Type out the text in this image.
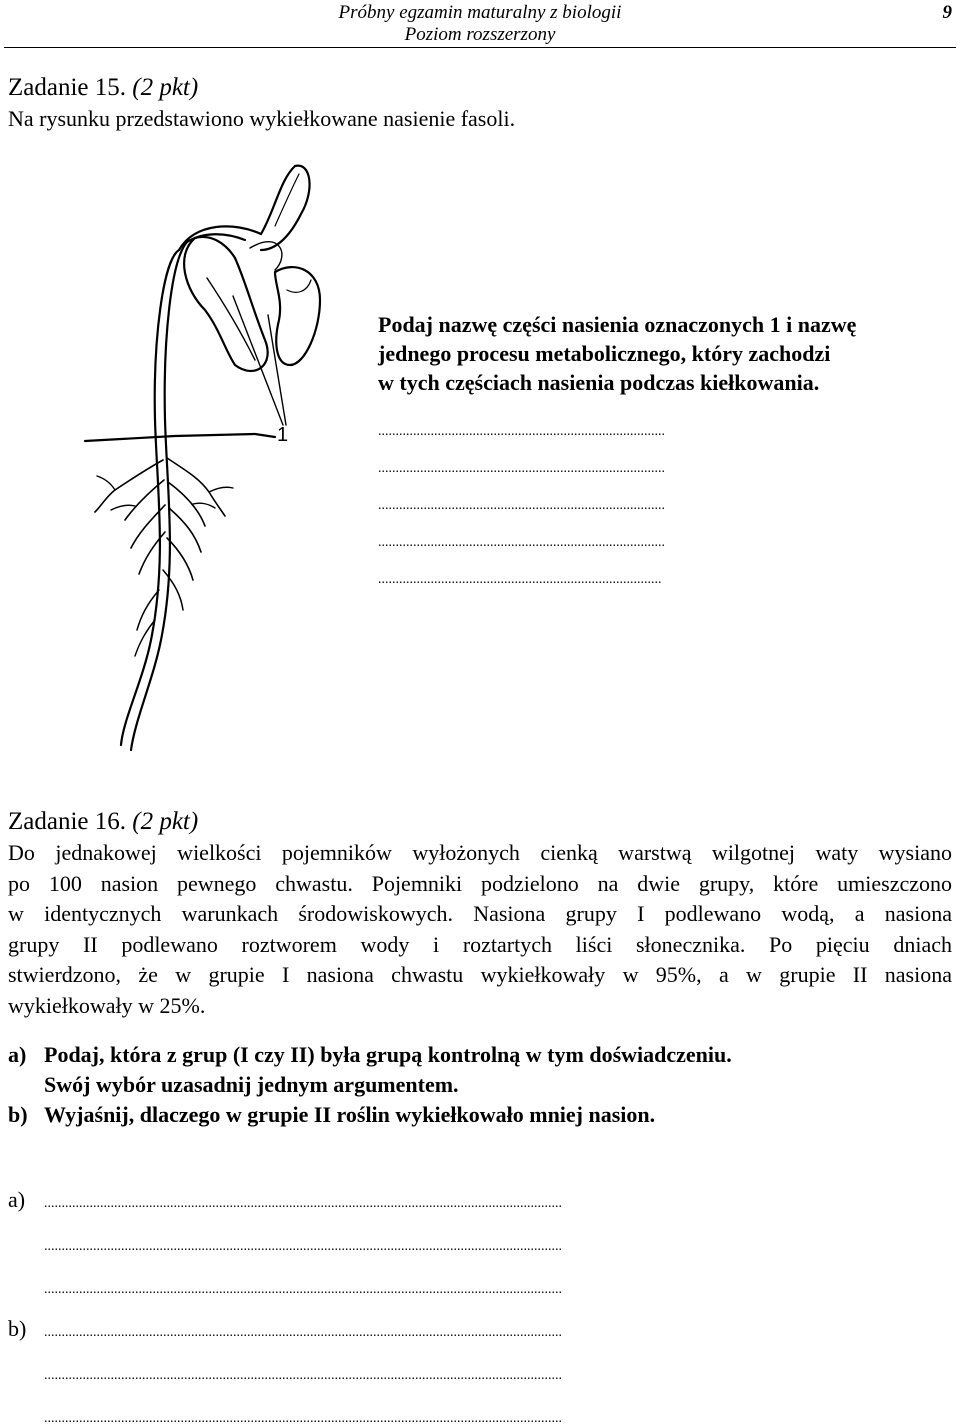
Próbny egzamin maturalny z biologii
Poziom rozszerzony
9
Zadanie 15. (2 pkt)
Na rysunku przedstawiono wykiełkowane nasienie fasoli.
1
Podaj nazwę części nasienia oznaczonych 1 i nazwę
jednego procesu metabolicznego, który zachodzi
w tych częściach nasienia podczas kiełkowania.
..................................................................................
..................................................................................
..................................................................................
..................................................................................
.................................................................................
Zadanie 16. (2 pkt)
Do jednakowej wielkości pojemników wyłożonych cienką warstwą wilgotnej waty wysiano
po 100 nasion pewnego chwastu. Pojemniki podzielono na dwie grupy, które umieszczono
w identycznych warunkach środowiskowych. Nasiona grupy I podlewano wodą, a nasiona
grupy II podlewano roztworem wody i roztartych liści słonecznika. Po pięciu dniach
stwierdzono, że w grupie I nasiona chwastu wykiełkowały w 95%, a w grupie II nasiona
wykiełkowały w 25%.
a) Podaj, która z grup (I czy II) była grupą kontrolną w tym doświadczeniu.
Swój wybór uzasadnij jednym argumentem.
b) Wyjaśnij, dlaczego w grupie II roślin wykiełkowało mniej nasion.
a)	....................................................................................................................................................
....................................................................................................................................................
....................................................................................................................................................
b)	....................................................................................................................................................
....................................................................................................................................................
....................................................................................................................................................
